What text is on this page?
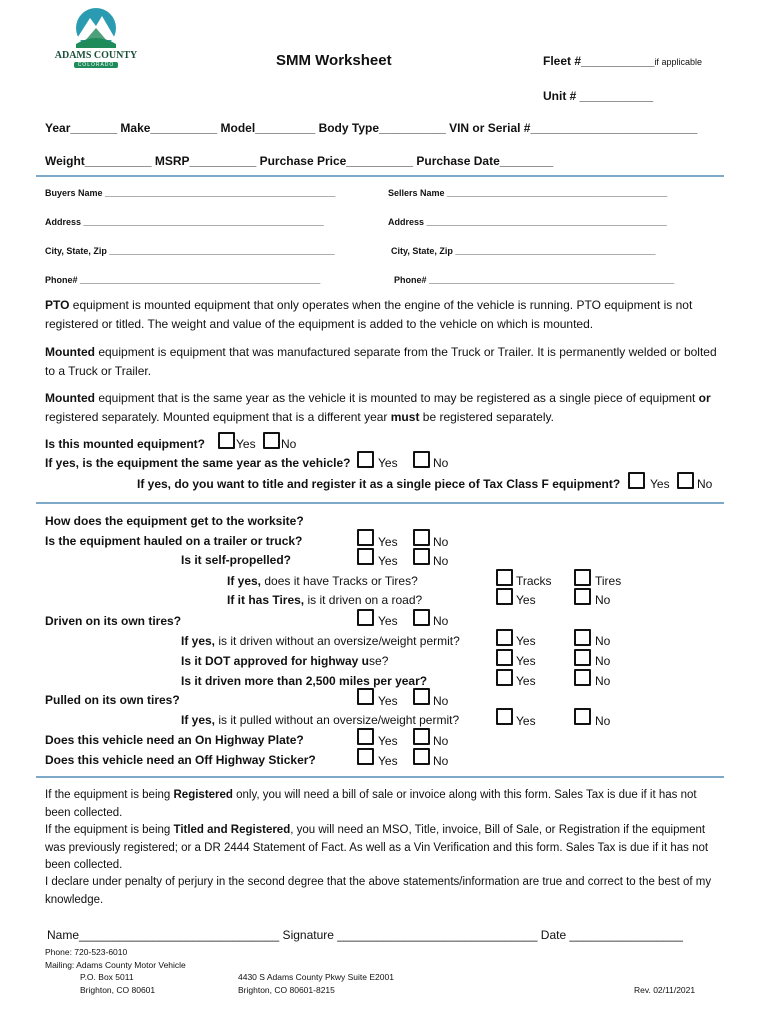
ADAMS COUNTY
COLORADO	SMM Worksheet	Fleet #___________if applicable
Unit # ___________
Year_______ Make__________ Model_________ Body Type__________ VIN or Serial #_________________________
Weight__________ MSRP__________ Purchase Price__________ Purchase Date________
Buyers Name ______________________________________________	Sellers Name ____________________________________________
Address ________________________________________________	Address ________________________________________________
City, State, Zip _____________________________________________	City, State, Zip ________________________________________
Phone# ________________________________________________	Phone# _________________________________________________
PTO equipment is mounted equipment that only operates when the engine of the vehicle is running. PTO equipment is not registered or titled. The weight and value of the equipment is added to the vehicle on which is mounted.
Mounted equipment is equipment that was manufactured separate from the Truck or Trailer. It is permanently welded or bolted to a Truck or Trailer.
Mounted equipment that is the same year as the vehicle it is mounted to may be registered as a single piece of equipment or registered separately. Mounted equipment that is a different year must be registered separately.
Is this mounted equipment?	Yes No
If yes, is the equipment the same year as the vehicle? Yes	No
If yes, do you want to title and register it as a single piece of Tax Class F equipment? Yes No
How does the equipment get to the worksite?
Is the equipment hauled on a trailer or truck?	Yes	No
Is it self-propelled?	Yes	No
If yes, does it have Tracks or Tires?	Tracks	Tires
If it has Tires, is it driven on a road?	Yes	No
Driven on its own tires?	Yes	No
If yes, is it driven without an oversize/weight permit?	Yes	No
Is it DOT approved for highway use?	Yes	No
Is it driven more than 2,500 miles per year?	Yes	No
Pulled on its own tires?	Yes	No
If yes, is it pulled without an oversize/weight permit?	Yes	No
Does this vehicle need an On Highway Plate?	Yes	No
Does this vehicle need an Off Highway Sticker?	Yes	No
If the equipment is being Registered only, you will need a bill of sale or invoice along with this form. Sales Tax is due if it has not been collected.
If the equipment is being Titled and Registered, you will need an MSO, Title, invoice, Bill of Sale, or Registration if the equipment was previously registered; or a DR 2444 Statement of Fact. As well as a Vin Verification and this form. Sales Tax is due if it has not been collected.
I declare under penalty of perjury in the second degree that the above statements/information are true and correct to the best of my knowledge.
Name______________________________ Signature ______________________________ Date _________________
Phone: 720-523-6010
Mailing: Adams County Motor Vehicle
P.O. Box 5011
Brighton, CO 80601
4430 S Adams County Pkwy Suite E2001
Brighton, CO 80601-8215	Rev. 02/11/2021
